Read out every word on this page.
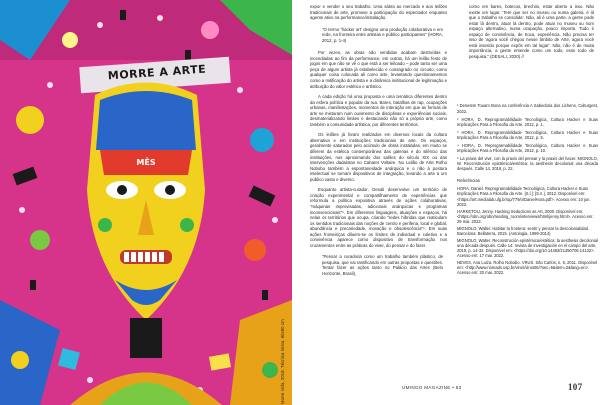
MORRE A ARTE
MÊS
Morre Vida, 2018. Técnica mista. 90x90 cm

expor e vender o seu trabalho. Uma sátira ao mercado e aos leilões tradicionais de arte, promove a participação do espectador enquanto agente ativo na performance/instalação.

"O termo 'fracker art' designa uma produção colaborativa e em rede, na fronteira entre artistas e público participantes" (HORA, 2012, p. 1-4)

Por vezes, as obras não vendidas acabam destruídas e incendiadas ao fim da performance, em outras, há um leilão festo de jogos em que não se vê o que está a ser leiloado – pode tanto ser uma peça de algum artista já estabelecido e consagrado no circuito, como qualquer coisa colocada ali como arte, levantando questionamentos como a mitificação do artista e a dinâmica institucional de legitimação e atribuição do valor estético e artístico.

A cada edição há uma proposta e uma temática diferentes dentro da esfera política e popular da rua. Bares, batalhas de rap, ocupações urbanas, manifestações, momentos de interação em que as formas de arte se misturam num ouvimento de disciplinas e experiências sociais, desmaterializando limites e destacando não só a própria arte, como também a comunidade artística, por diferentes territórios.

Os leilões já foram realizados em diversos locais da cultura alternativa e em instituições tradicionais de arte. Os espaços, geralmente saturados pelo acúmulo de obras instaladas, em muito se diferem da estética contemporânea das galerias e do silêncio das instituições, nos aproximando dos salões do século XIX ou das intervenções dadaístas no Cabaret Voltaire. No Leilão de Arte Rolho Nobobo também a espontaneidade anárquica e o não à postura intelectual se tornam dispositivos de integração, levando a arte a um público vasto e diverso.

Enquanto artista-curador, Desali desenvolve um território de criação experimental e compartilhamento de experiências que reformula a política expositiva através de ações colaborativas, "máquinas improvisadas, adicionais anárquicas e programas inconvencionais"⁵. Em diferentes linguagens, atuações e espaços, há nelas os territórios que ocupa, criando "redes híbridas que reaticulam os sentidos tradicionais das noções de centro e periferia, local e global, abundância e precariedade, inovação e obsolescência"⁶. Em suas ações fronteiriças diluem-se os limites de individual e coletivo e a convivência aparece como dispositivo de transformação nos cruzamentos entre as práticas do viver, do pensar e do fazer.

"Pensar a curadoria como um trabalho também plástico, de pesquisa, que vai ramificando em outras propostas e questões. Tentar fazer as ações tanto no Palácio das Artes (Belo Horizonte, Brasil),
como em bares, botecos, brechós, estar aberto a isso. Não existe um lugar: 'Tem que ser no museu ou numa galeria, é lá que o trabalho se consolida'. Não, ali é uma parte, a gente pode estar lá dentro, atuar lá dentro, pode atuar no museu ou num espaço alternativo, numa ocupação, pouco importa. Tudo é espaço de convivência, de troca, experiência. Não precisa ter isso de 'agora você chegou nesse âmbito de Arte, agora você está inserido porque expõs em tal lugar'. Não, não é de muita importância, a gente entende como um todo, esse todo de pesquisa." (DESALI, 2020) //

¹ Denetem Touam Bona na conferência A Sabedoria dos Lichens, Culturgest, 2022.

² HORA, D. Reprogramabilidade Tecnológica, Cultura Hacker e Suas Implicações Para a Filosofia da Arte, 2012, p. 1.

³ HORA, D. Reprogramabilidade Tecnológica, Cultura Hacker e Suas Implicações Para a Filosofia da Arte, 2012, p. 5.

⁴ HORA, D. Reprogramabilidade Tecnológica, Cultura Hacker e Suas Implicações Para a Filosofia da Arte, 2012, p. 10.

⁵ La praxis del vivir, con la praxis del pensar y la praxis del hacer. MIGNOLO, W. Reconstrución epistémica/estética: la aesthesis decolonial una década después. Calle 14, 2019, p. 22.

Referências

HORA, Daniel. Reprogramabilidade Tecnológica, Cultura Hacker e Suas Implicações Para a Filosofia da Arte. [S.l.]: [S.n.], 2012. Disponível em: <https://art.medialab.ufg.br/up/779/o/DanielHora.pdf>. Acesso em: 10 jun. 2022.

HARKETOU, Jenny. Hacking Seductions as Art, 2000. Disponível em: <https://obn.org/obn/reading_room/interviews/html/jenny.html>. Acesso em: 29 mai. 2022.

MIGNOLO, Walter. Habitar la frontera: sentir y pensar la descolonialidad. Barcelona: Bellaterra, 2015. (Antologia, 1999-2014)

MIGNOLO, Walter. Reconstrución epistémica/estética: la aesthesis decolonial una década después. Calle 14: revista de investigación en el campo del arte, 2019, p. 14-32. Disponível em: <https://doi.org/10.14483/21450706.14132>. Acesso em: 17 mai. 2022.

NEVES, Ana Luiza. Rolho Nobobo. VRUS. São Carlos, n. 6, 2011. Disponível em: <http://www.nomads.usp.br/virus/virus06/?sec=5&item=2&lang=en>. Acesso em: 20 mai. 2022.

UMINGO MAGAZINE • 83	107
